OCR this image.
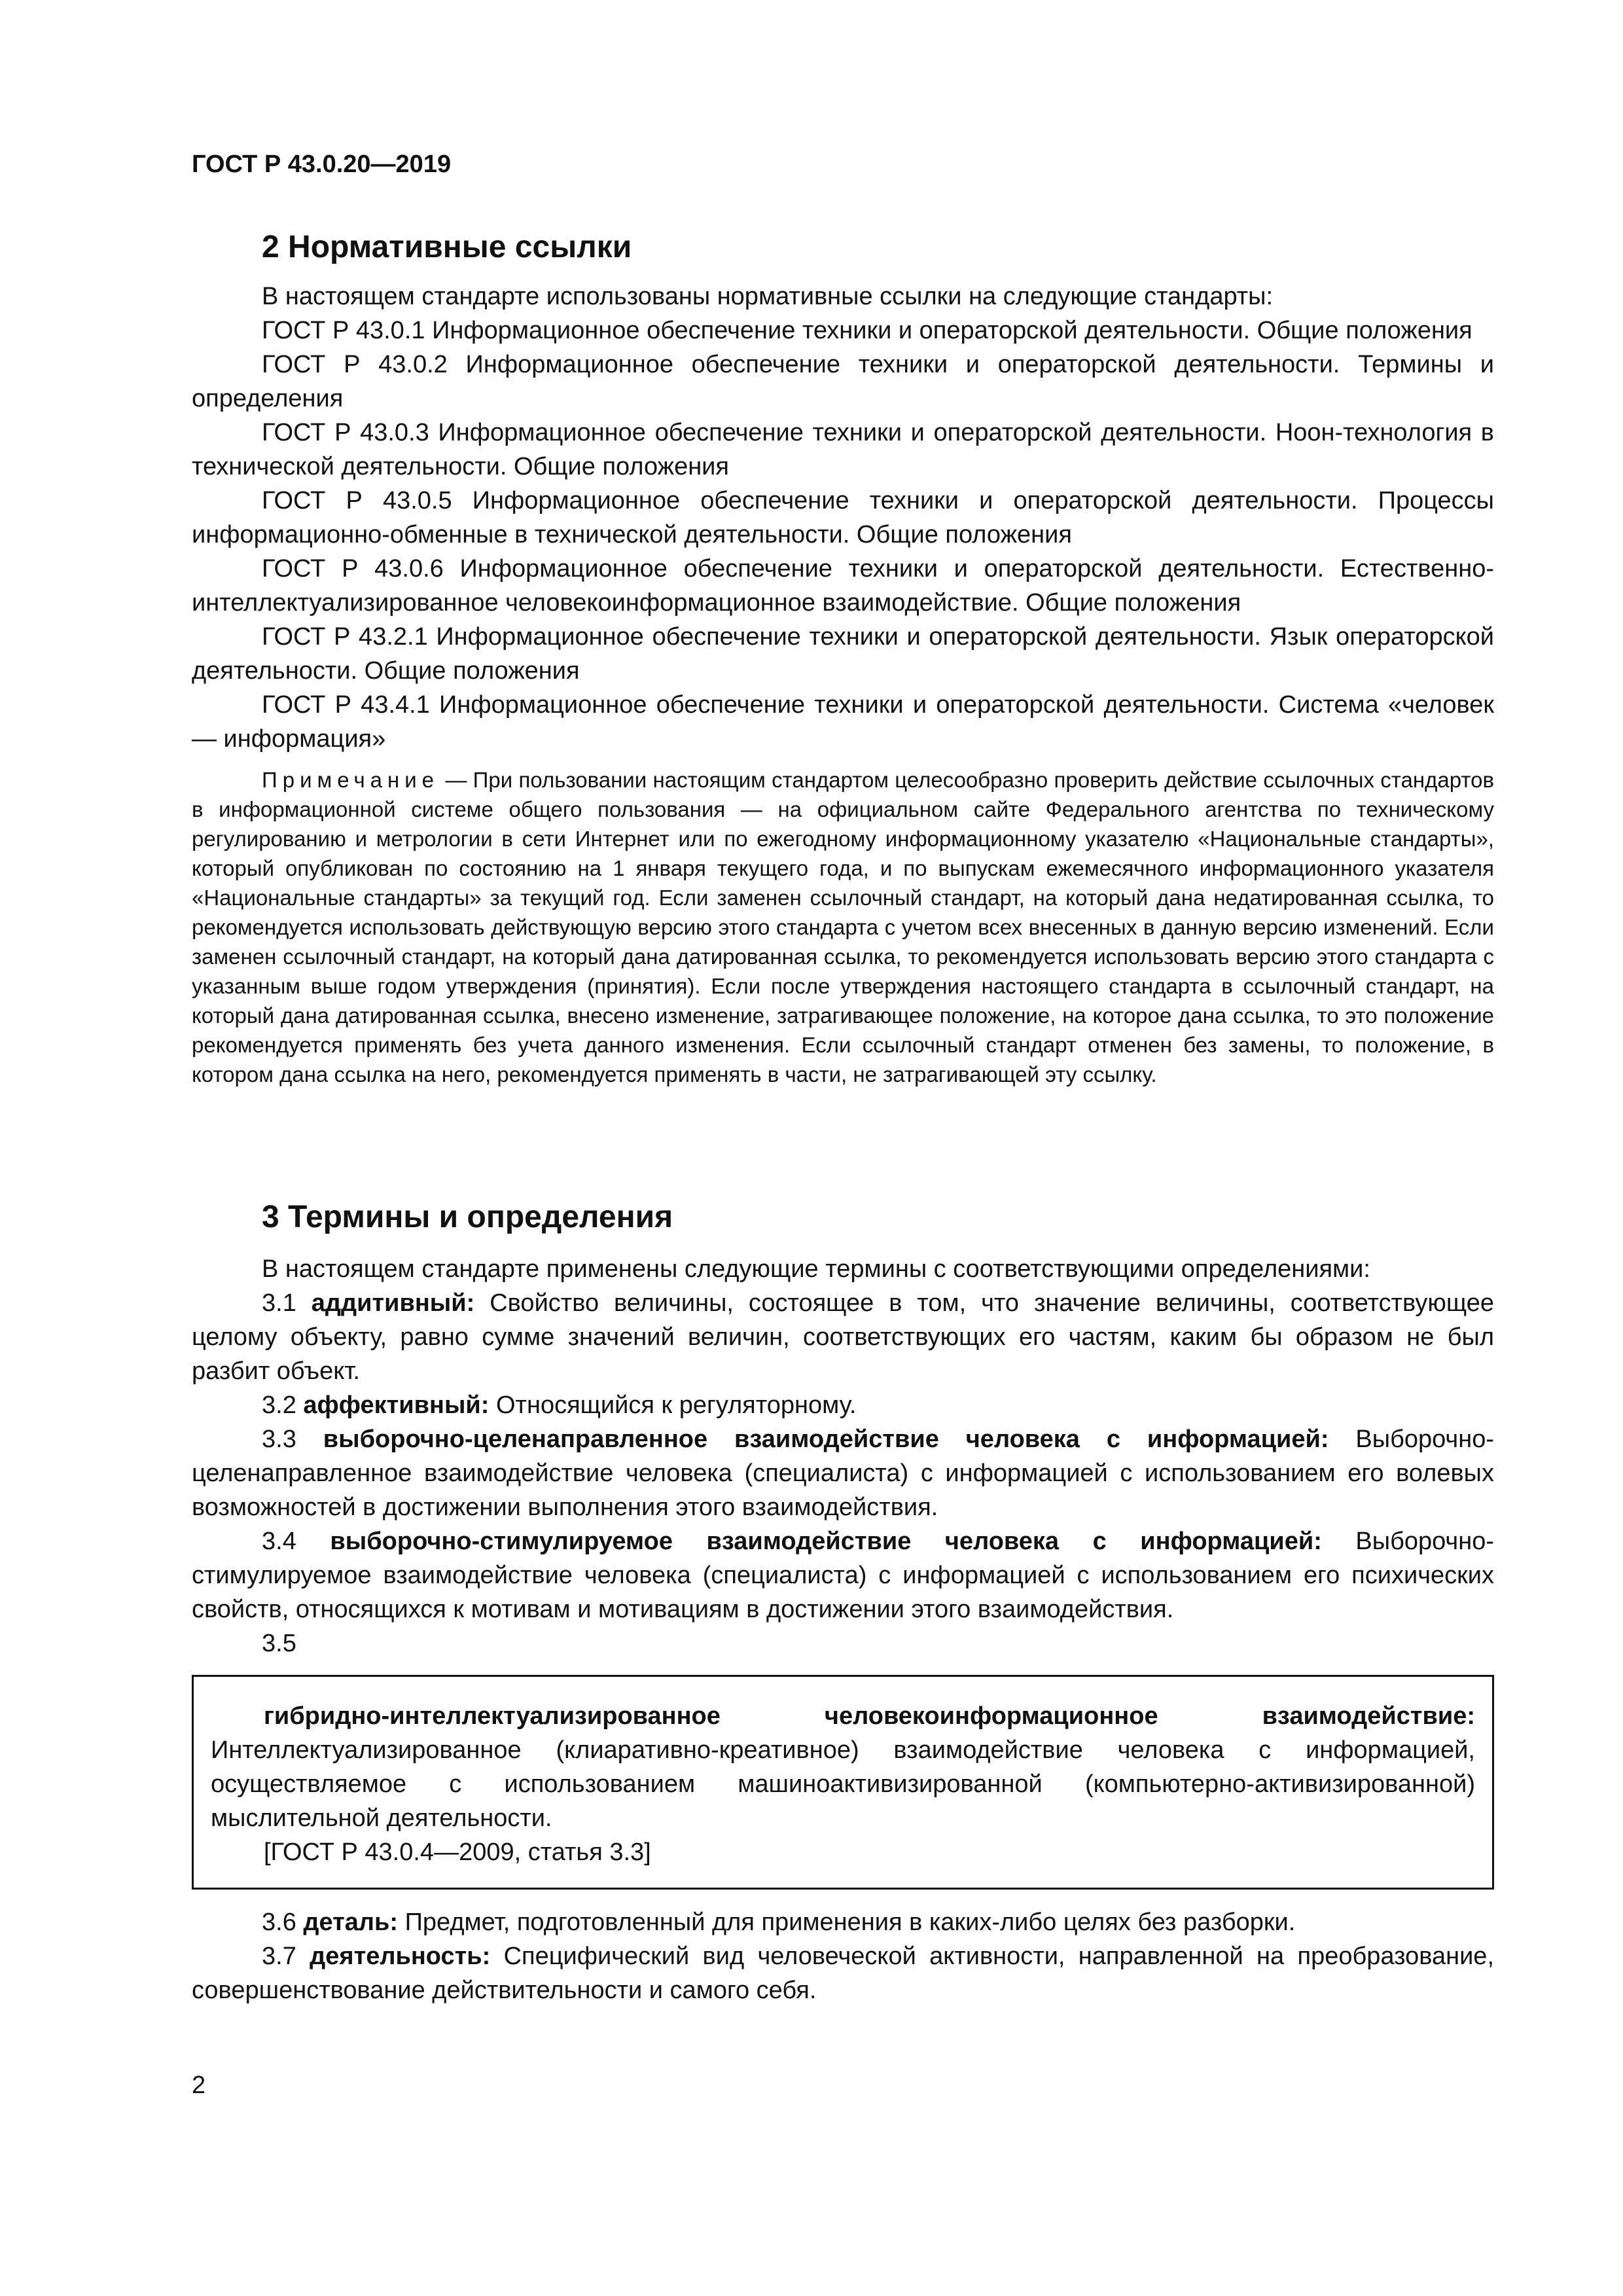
ГОСТ Р 43.0.20—2019
2 Нормативные ссылки

В настоящем стандарте использованы нормативные ссылки на следующие стандарты:

ГОСТ Р 43.0.1 Информационное обеспечение техники и операторской деятельности. Общие положения

ГОСТ Р 43.0.2 Информационное обеспечение техники и операторской деятельности. Термины и определения

ГОСТ Р 43.0.3 Информационное обеспечение техники и операторской деятельности. Ноон-технология в технической деятельности. Общие положения

ГОСТ Р 43.0.5 Информационное обеспечение техники и операторской деятельности. Процессы информационно-обменные в технической деятельности. Общие положения

ГОСТ Р 43.0.6 Информационное обеспечение техники и операторской деятельности. Естественно-интеллектуализированное человекоинформационное взаимодействие. Общие положения

ГОСТ Р 43.2.1 Информационное обеспечение техники и операторской деятельности. Язык операторской деятельности. Общие положения

ГОСТ Р 43.4.1 Информационное обеспечение техники и операторской деятельности. Система «человек — информация»

Примечание — При пользовании настоящим стандартом целесообразно проверить действие ссылочных стандартов в информационной системе общего пользования — на официальном сайте Федерального агентства по техническому регулированию и метрологии в сети Интернет или по ежегодному информационному указателю «Национальные стандарты», который опубликован по состоянию на 1 января текущего года, и по выпускам ежемесячного информационного указателя «Национальные стандарты» за текущий год. Если заменен ссылочный стандарт, на который дана недатированная ссылка, то рекомендуется использовать действующую версию этого стандарта с учетом всех внесенных в данную версию изменений. Если заменен ссылочный стандарт, на который дана датированная ссылка, то рекомендуется использовать версию этого стандарта с указанным выше годом утверждения (принятия). Если после утверждения настоящего стандарта в ссылочный стандарт, на который дана датированная ссылка, внесено изменение, затрагивающее положение, на которое дана ссылка, то это положение рекомендуется применять без учета данного изменения. Если ссылочный стандарт отменен без замены, то положение, в котором дана ссылка на него, рекомендуется применять в части, не затрагивающей эту ссылку.

3 Термины и определения

В настоящем стандарте применены следующие термины с соответствующими определениями:

3.1 аддитивный: Свойство величины, состоящее в том, что значение величины, соответствующее целому объекту, равно сумме значений величин, соответствующих его частям, каким бы образом не был разбит объект.

3.2 аффективный: Относящийся к регуляторному.

3.3 выборочно-целенаправленное взаимодействие человека с информацией: Выборочно-целенаправленное взаимодействие человека (специалиста) с информацией с использованием его волевых возможностей в достижении выполнения этого взаимодействия.

3.4 выборочно-стимулируемое взаимодействие человека с информацией: Выборочно-стимулируемое взаимодействие человека (специалиста) с информацией с использованием его психических свойств, относящихся к мотивам и мотивациям в достижении этого взаимодействия.

3.5

гибридно-интеллектуализированное человекоинформационное взаимодействие: Интеллектуализированное (клиаративно-креативное) взаимодействие человека с информацией, осуществляемое с использованием машиноактивизированной (компьютерно-активизированной) мыслительной деятельности.

[ГОСТ Р 43.0.4—2009, статья 3.3]

3.6 деталь: Предмет, подготовленный для применения в каких-либо целях без разборки.

3.7 деятельность: Специфический вид человеческой активности, направленной на преобразование, совершенствование действительности и самого себя.

2
